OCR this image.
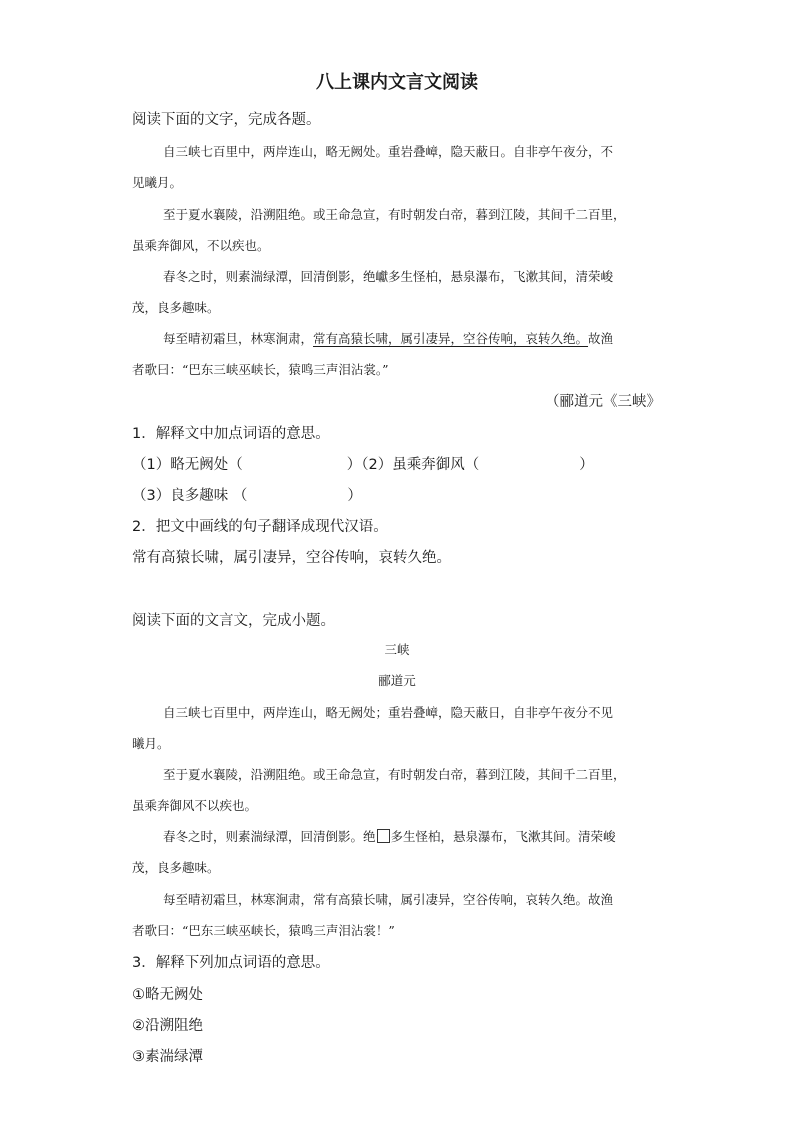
八上课内文言文阅读
阅读下面的文字，完成各题。
自三峡七百里中，两岸连山，略无阙处。重岩叠嶂，隐天蔽日。自非亭午夜分，不
见曦月。
至于夏水襄陵，沿溯阻绝。或王命急宣，有时朝发白帝，暮到江陵，其间千二百里，
虽乘奔御风，不以疾也。
春冬之时，则素湍绿潭，回清倒影，绝巘多生怪柏，悬泉瀑布，飞漱其间，清荣峻
茂，良多趣味。
每至晴初霜旦，林寒涧肃，常有高猿长啸，属引凄异，空谷传响，哀转久绝。故渔
者歌曰：“巴东三峡巫峡长，猿鸣三声泪沾裳。”
（郦道元《三峡》
1．解释文中加点词语的意思。
（1）略无阙处（	）（2）虽乘奔御风（	）
（3）良多趣味 （	）
2．把文中画线的句子翻译成现代汉语。
常有高猿长啸，属引凄异，空谷传响，哀转久绝。
阅读下面的文言文，完成小题。
三峡
郦道元
自三峡七百里中，两岸连山，略无阙处；重岩叠嶂，隐天蔽日，自非亭午夜分不见
曦月。
至于夏水襄陵，沿溯阻绝。或王命急宣，有时朝发白帝，暮到江陵，其间千二百里，
虽乘奔御风不以疾也。
春冬之时，则素湍绿潭，回清倒影。绝 多生怪柏，悬泉瀑布，飞漱其间。清荣峻
茂，良多趣味。
每至晴初霜旦，林寒涧肃，常有高猿长啸，属引凄异，空谷传响，哀转久绝。故渔
者歌曰：“巴东三峡巫峡长，猿鸣三声泪沾裳！”
3．解释下列加点词语的意思。
①略无阙处
②沿溯阻绝
③素湍绿潭
